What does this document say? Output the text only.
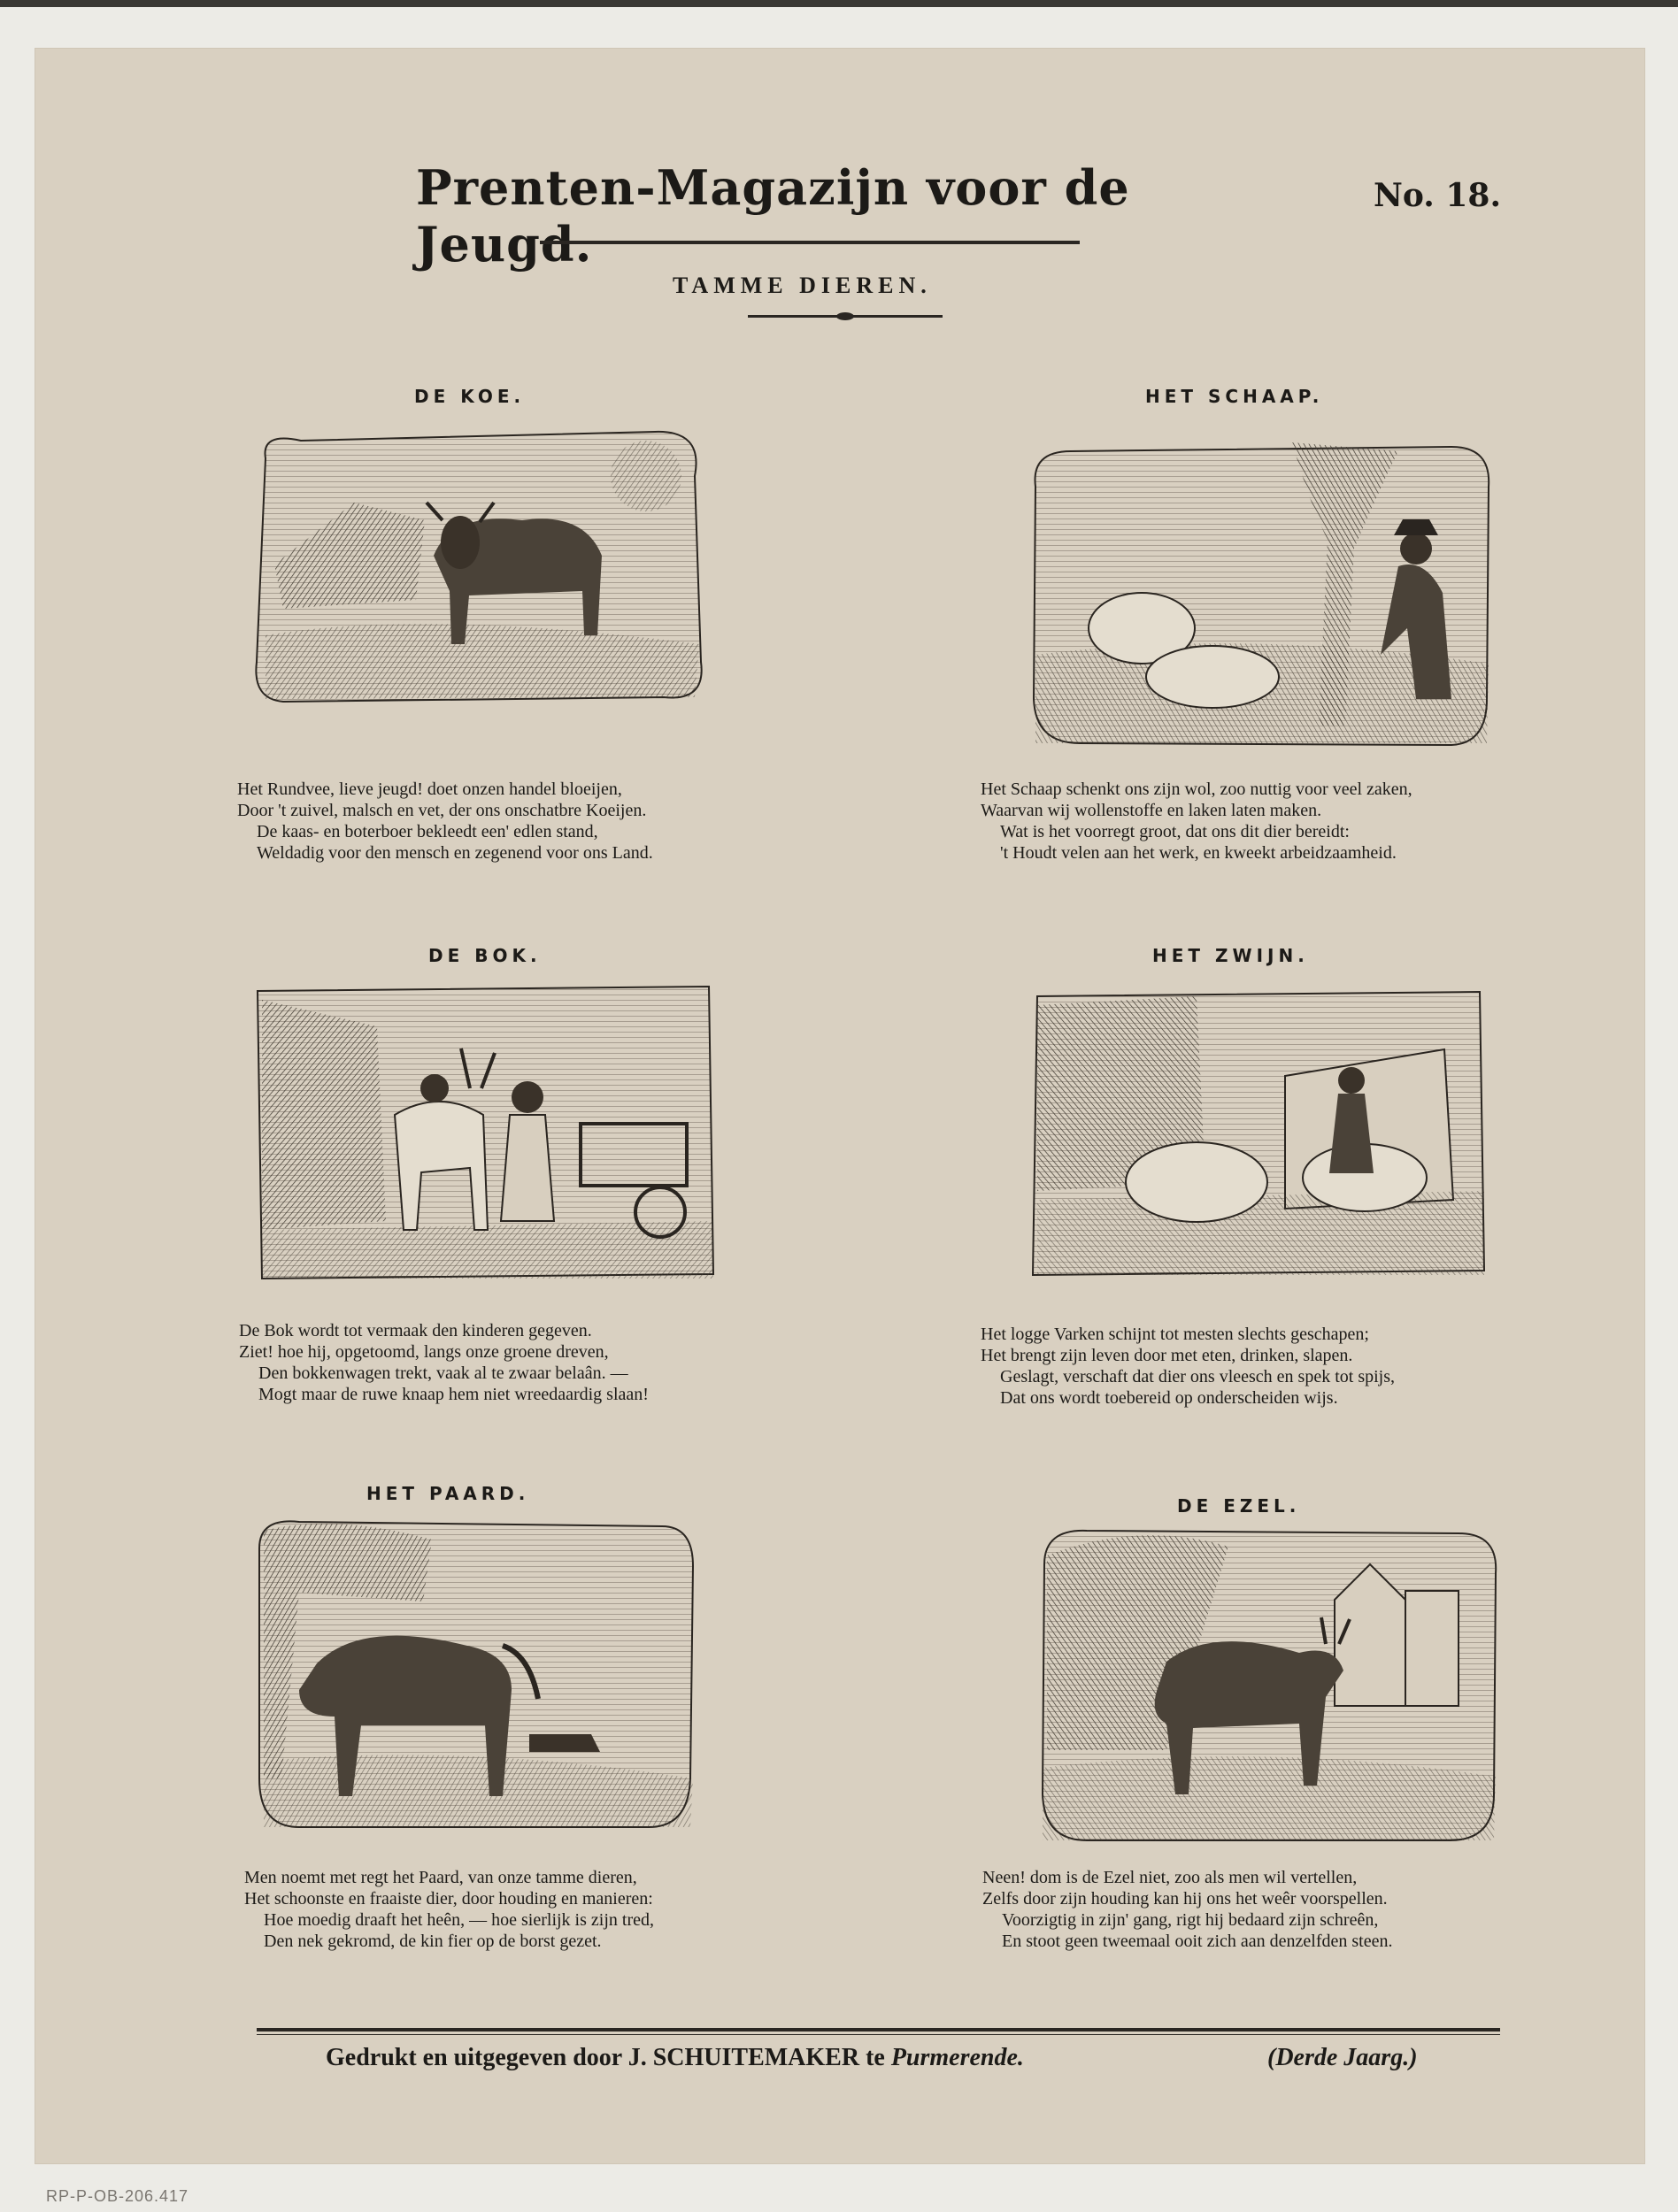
Prenten-Magazijn voor de Jeugd.
No. 18.
TAMME DIEREN.
DE KOE.
Het Rundvee, lieve jeugd! doet onzen handel bloeijen,
Door 't zuivel, malsch en vet, der ons onschatbre Koeijen.
De kaas- en boterboer bekleedt een' edlen stand,
Weldadig voor den mensch en zegenend voor ons Land.
HET SCHAAP.
Het Schaap schenkt ons zijn wol, zoo nuttig voor veel zaken,
Waarvan wij wollenstoffe en laken laten maken.
Wat is het voorregt groot, dat ons dit dier bereidt:
't Houdt velen aan het werk, en kweekt arbeidzaamheid.
DE BOK.
De Bok wordt tot vermaak den kinderen gegeven.
Ziet! hoe hij, opgetoomd, langs onze groene dreven,
Den bokkenwagen trekt, vaak al te zwaar belaân. —
Mogt maar de ruwe knaap hem niet wreedaardig slaan!
HET ZWIJN.
Het logge Varken schijnt tot mesten slechts geschapen;
Het brengt zijn leven door met eten, drinken, slapen.
Geslagt, verschaft dat dier ons vleesch en spek tot spijs,
Dat ons wordt toebereid op onderscheiden wijs.
HET PAARD.
Men noemt met regt het Paard, van onze tamme dieren,
Het schoonste en fraaiste dier, door houding en manieren:
Hoe moedig draaft het heên, — hoe sierlijk is zijn tred,
Den nek gekromd, de kin fier op de borst gezet.
DE EZEL.
Neen! dom is de Ezel niet, zoo als men wil vertellen,
Zelfs door zijn houding kan hij ons het weêr voorspellen.
Voorzigtig in zijn' gang, rigt hij bedaard zijn schreên,
En stoot geen tweemaal ooit zich aan denzelfden steen.
Gedrukt en uitgegeven door J. SCHUITEMAKER te Purmerende.	(Derde Jaarg.)
RP-P-OB-206.417
